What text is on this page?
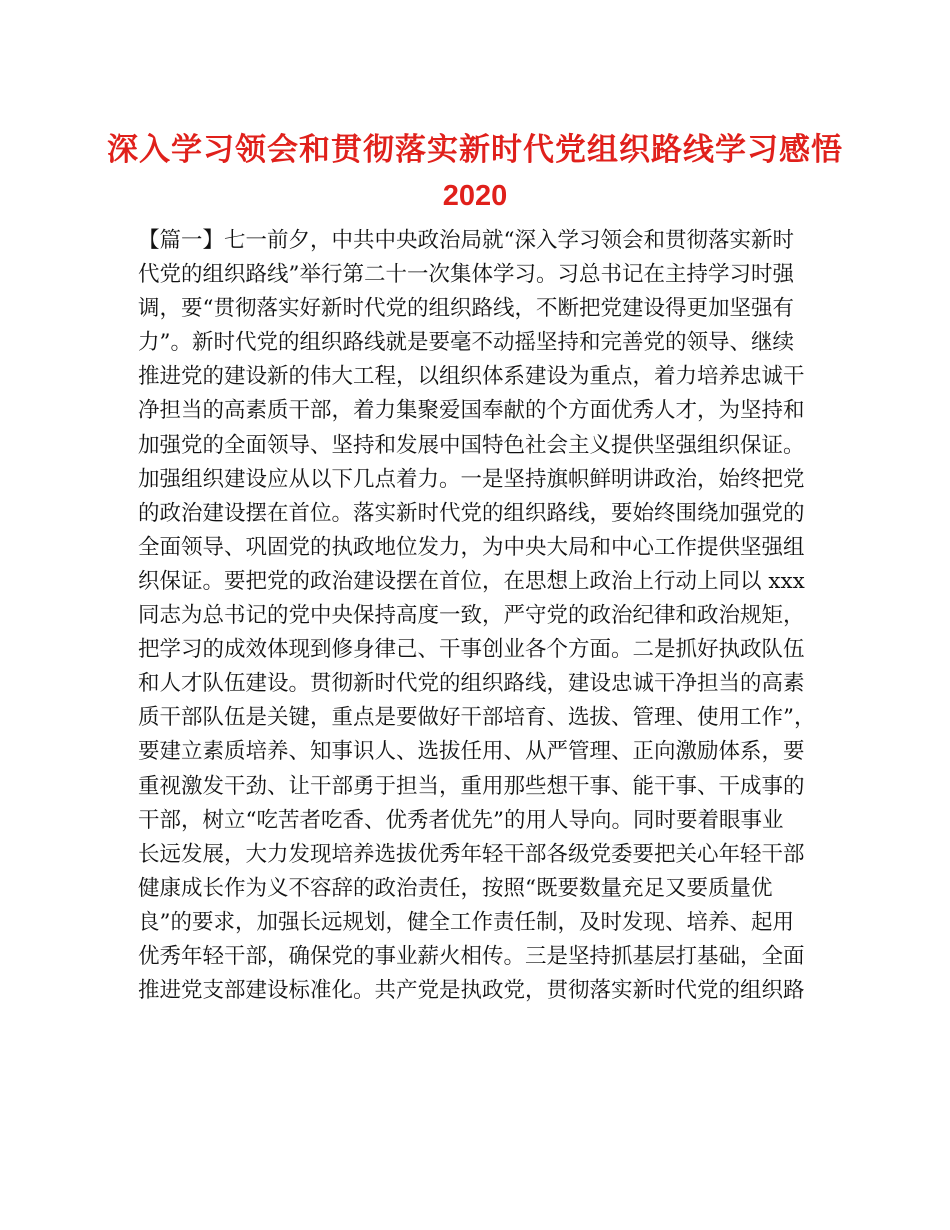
深入学习领会和贯彻落实新时代党组织路线学习感悟
2020
【篇一】七一前夕，中共中央政治局就“深入学习领会和贯彻落实新时
代党的组织路线”举行第二十一次集体学习。习总书记在主持学习时强
调，要“贯彻落实好新时代党的组织路线，不断把党建设得更加坚强有
力”。新时代党的组织路线就是要毫不动摇坚持和完善党的领导、继续
推进党的建设新的伟大工程，以组织体系建设为重点，着力培养忠诚干
净担当的高素质干部，着力集聚爱国奉献的个方面优秀人才，为坚持和
加强党的全面领导、坚持和发展中国特色社会主义提供坚强组织保证。
加强组织建设应从以下几点着力。一是坚持旗帜鲜明讲政治，始终把党
的政治建设摆在首位。落实新时代党的组织路线，要始终围绕加强党的
全面领导、巩固党的执政地位发力，为中央大局和中心工作提供坚强组
织保证。要把党的政治建设摆在首位，在思想上政治上行动上同以 xxx
同志为总书记的党中央保持高度一致，严守党的政治纪律和政治规矩，
把学习的成效体现到修身律己、干事创业各个方面。二是抓好执政队伍
和人才队伍建设。贯彻新时代党的组织路线，建设忠诚干净担当的高素
质干部队伍是关键，重点是要做好干部培育、选拔、管理、使用工作”，
要建立素质培养、知事识人、选拔任用、从严管理、正向激励体系，要
重视激发干劲、让干部勇于担当，重用那些想干事、能干事、干成事的
干部，树立“吃苦者吃香、优秀者优先”的用人导向。同时要着眼事业
长远发展，大力发现培养选拔优秀年轻干部各级党委要把关心年轻干部
健康成长作为义不容辞的政治责任，按照“既要数量充足又要质量优
良”的要求，加强长远规划，健全工作责任制，及时发现、培养、起用
优秀年轻干部，确保党的事业薪火相传。三是坚持抓基层打基础，全面
推进党支部建设标准化。共产党是执政党，贯彻落实新时代党的组织路
